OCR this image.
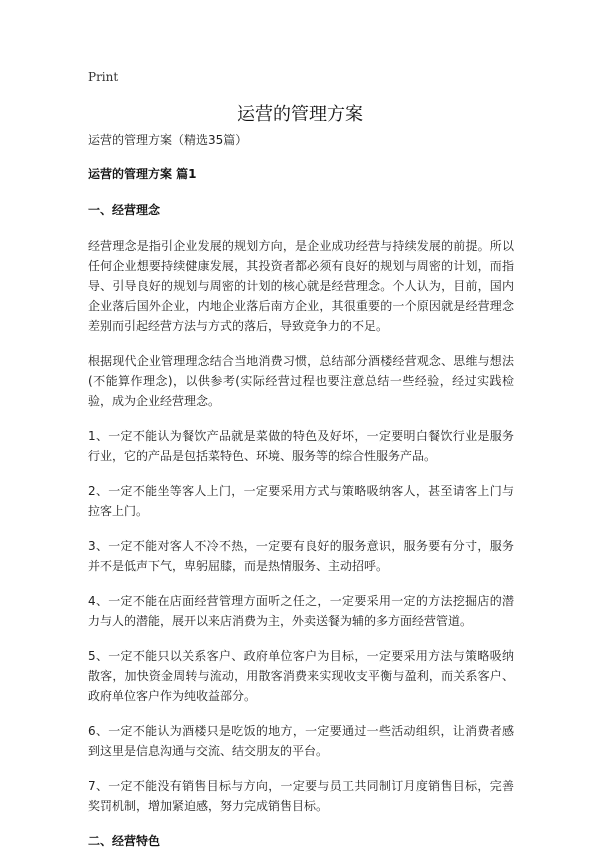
Print
运营的管理方案

运营的管理方案（精选35篇）

运营的管理方案 篇1

一、经营理念

经营理念是指引企业发展的规划方向，是企业成功经营与持续发展的前提。所以任何企业想要持续健康发展，其投资者都必须有良好的规划与周密的计划，而指导、引导良好的规划与周密的计划的核心就是经营理念。个人认为，目前，国内企业落后国外企业，内地企业落后南方企业，其很重要的一个原因就是经营理念差别而引起经营方法与方式的落后，导致竞争力的不足。

根据现代企业管理理念结合当地消费习惯，总结部分酒楼经营观念、思维与想法(不能算作理念)，以供参考(实际经营过程也要注意总结一些经验，经过实践检验，成为企业经营理念。

1、一定不能认为餐饮产品就是菜做的特色及好坏，一定要明白餐饮行业是服务行业，它的产品是包括菜特色、环境、服务等的综合性服务产品。

2、一定不能坐等客人上门，一定要采用方式与策略吸纳客人，甚至请客上门与拉客上门。

3、一定不能对客人不冷不热，一定要有良好的服务意识，服务要有分寸，服务并不是低声下气，卑躬屈膝，而是热情服务、主动招呼。

4、一定不能在店面经营管理方面听之任之，一定要采用一定的方法挖掘店的潜力与人的潜能，展开以来店消费为主，外卖送餐为辅的多方面经营管道。

5、一定不能只以关系客户、政府单位客户为目标，一定要采用方法与策略吸纳散客，加快资金周转与流动，用散客消费来实现收支平衡与盈利，而关系客户、政府单位客户作为纯收益部分。

6、一定不能认为酒楼只是吃饭的地方，一定要通过一些活动组织，让消费者感到这里是信息沟通与交流、结交朋友的平台。

7、一定不能没有销售目标与方向，一定要与员工共同制订月度销售目标，完善奖罚机制，增加紧迫感，努力完成销售目标。

二、经营特色
